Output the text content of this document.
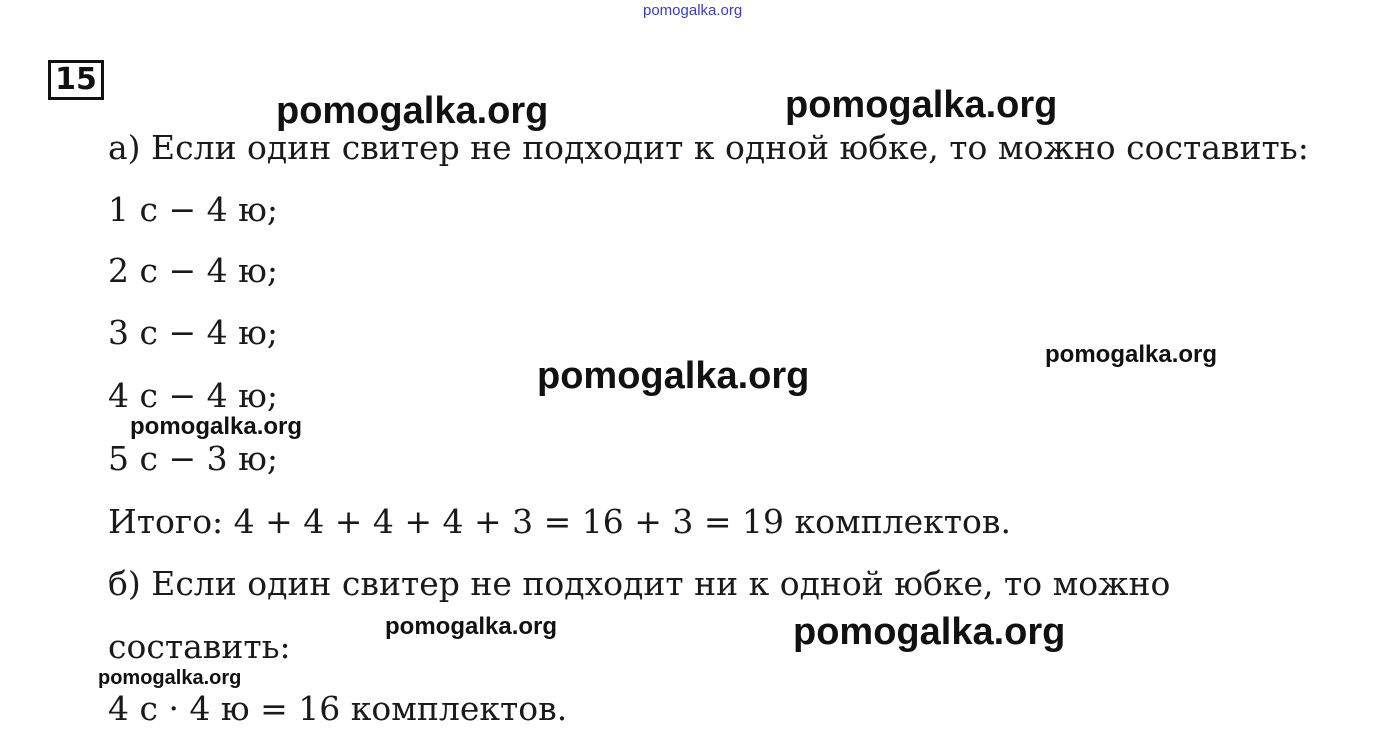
15
а) Если один свитер не подходит к одной юбке, то можно составить:
1 с − 4 ю;
2 с − 4 ю;
3 с − 4 ю;
4 с − 4 ю;
5 с − 3 ю;
Итого: 4 + 4 + 4 + 4 + 3 = 16 + 3 = 19 комплектов.
б) Если один свитер не подходит ни к одной юбке, то можно
составить:
4 с · 4 ю = 16 комплектов.
pomogalka.org
pomogalka.org	pomogalka.org
pomogalka.org
pomogalka.org
pomogalka.org
pomogalka.org	pomogalka.org
pomogalka.org
